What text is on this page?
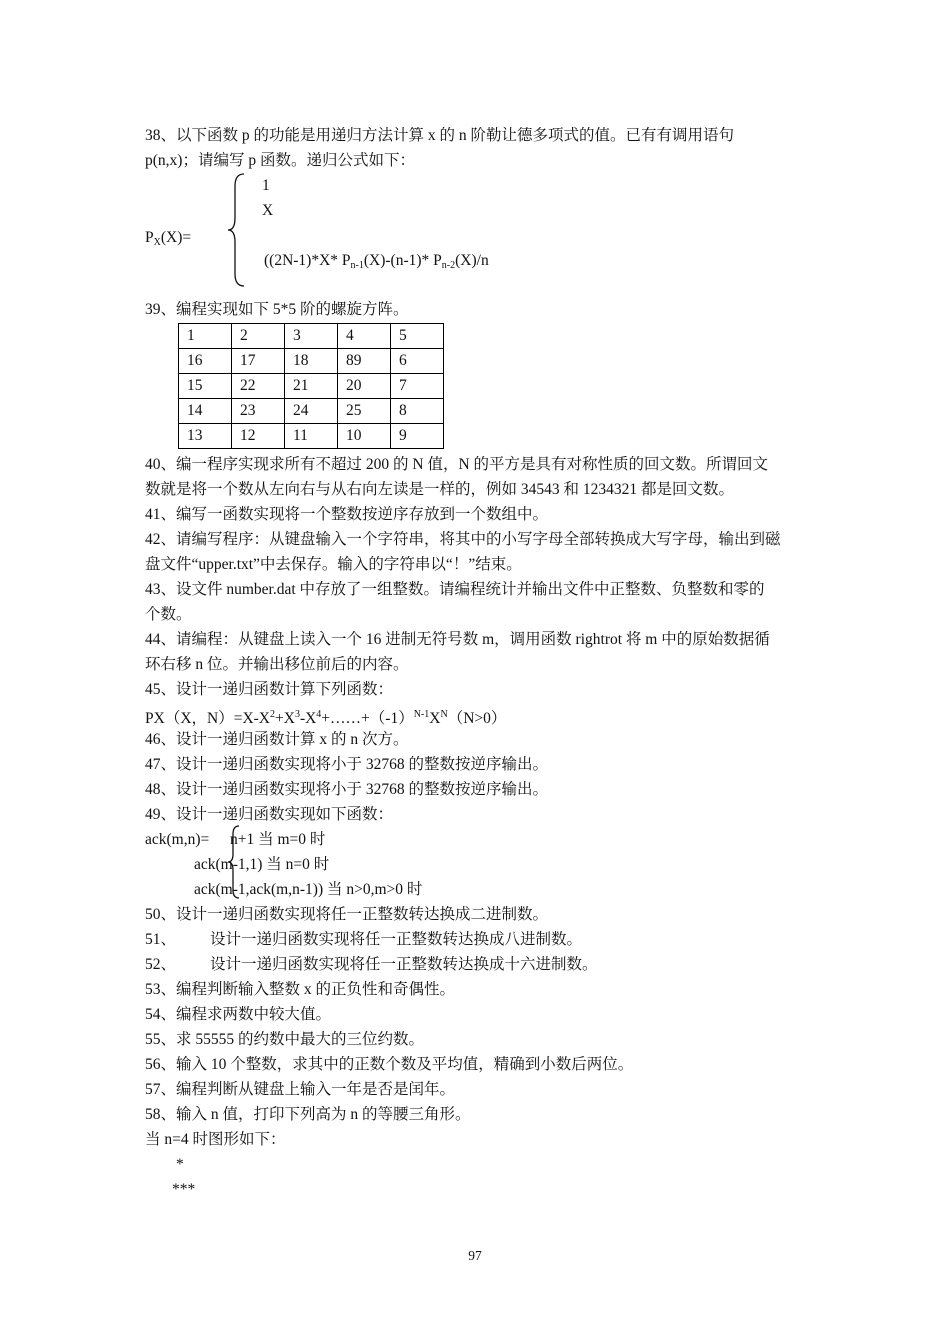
38、以下函数 p 的功能是用递归方法计算 x 的 n 阶勒让德多项式的值。已有有调用语句
p(n,x)；请编写 p 函数。递归公式如下：
PX(X)=
1
X
((2N-1)*X* Pn-1(X)-(n-1)* Pn-2(X)/n
39、编程实现如下 5*5 阶的螺旋方阵。
1	2	3	4	5
16	17	18	89	6
15	22	21	20	7
14	23	24	25	8
13	12	11	10	9
40、编一程序实现求所有不超过 200 的 N 值，N 的平方是具有对称性质的回文数。所谓回文
数就是将一个数从左向右与从右向左读是一样的，例如 34543 和 1234321 都是回文数。
41、编写一函数实现将一个整数按逆序存放到一个数组中。
42、请编写程序：从键盘输入一个字符串，将其中的小写字母全部转换成大写字母，输出到磁
盘文件“upper.txt”中去保存。输入的字符串以“！”结束。
43、设文件 number.dat 中存放了一组整数。请编程统计并输出文件中正整数、负整数和零的
个数。
44、请编程：从键盘上读入一个 16 进制无符号数 m，调用函数 rightrot 将 m 中的原始数据循
环右移 n 位。并输出移位前后的内容。
45、设计一递归函数计算下列函数：
PX（X，$N)=X-X^2+X^3-X^4+\dots\dots+(-1)^{N-1}X^N(N>0)$
46、设计一递归函数计算 x 的 n 次方。
47、设计一递归函数实现将小于 32768 的整数按逆序输出。
48、设计一递归函数实现将小于 32768 的整数按逆序输出。
49、设计一递归函数实现如下函数：
ack(m,n)= n+1 当 m=0 时
ack(m-1,1) 当 n=0 时
ack(m-1,ack(m,n-1)) 当 n>0,m>0 时
50、设计一递归函数实现将任一正整数转达换成二进制数。
51、 设计一递归函数实现将任一正整数转达换成八进制数。
52、 设计一递归函数实现将任一正整数转达换成十六进制数。
53、编程判断输入整数 x 的正负性和奇偶性。
54、编程求两数中较大值。
55、求 55555 的约数中最大的三位约数。
56、输入 10 个整数，求其中的正数个数及平均值，精确到小数后两位。
57、编程判断从键盘上输入一年是否是闰年。
58、输入 n 值，打印下列高为 n 的等腰三角形。
当 n=4 时图形如下：
*
***
97
